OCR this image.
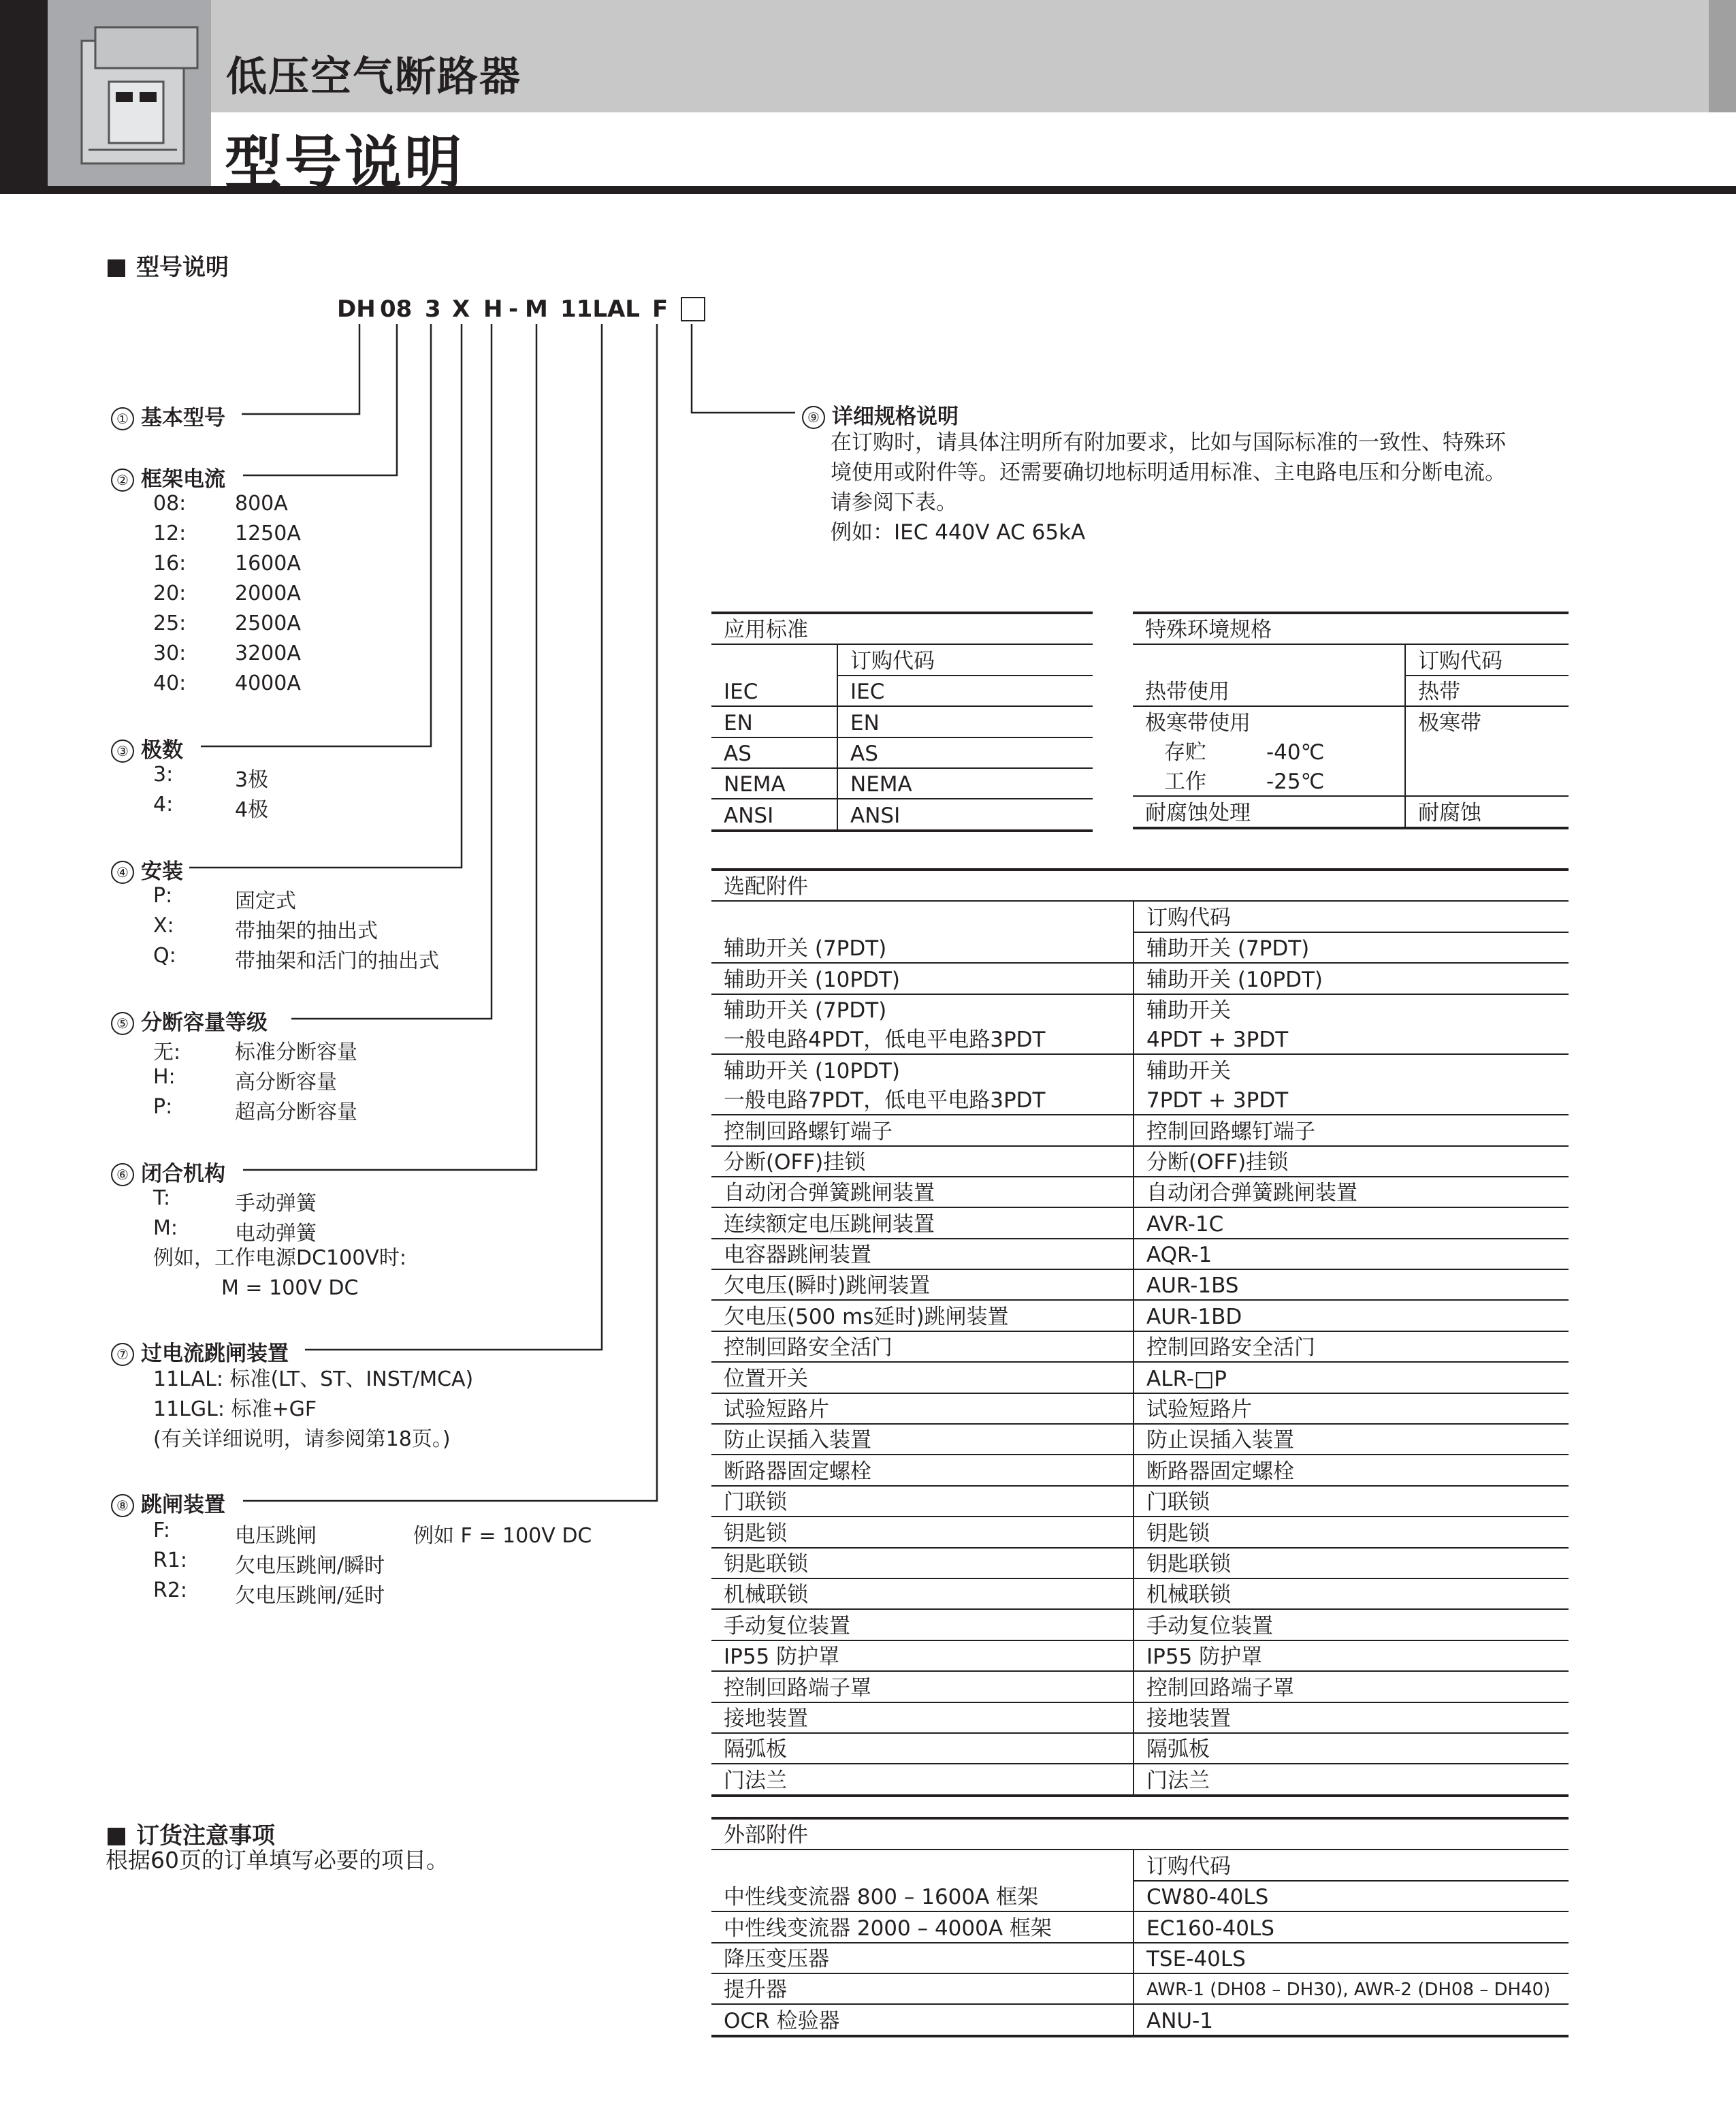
低压空气断路器
型号说明
型号说明
DH 08 3 X H - M 11LAL F
① 基本型号
② 框架电流
08: 800A
12: 1250A
16: 1600A
20: 2000A
25: 2500A
30: 3200A
40: 4000A
③ 极数
3:	3极
4:	4极
④ 安装
P:	固定式
X:	带抽架的抽出式
Q:	带抽架和活门的抽出式
⑤ 分断容量等级
无:	标准分断容量
H:	高分断容量
P:	超高分断容量
⑥ 闭合机构
T:	手动弹簧
M:	电动弹簧
例如，工作电源DC100V时:
M = 100V DC
⑦ 过电流跳闸装置
11LAL: 标准(LT、ST、INST/MCA)
11LGL: 标准+GF
(有关详细说明，请参阅第18页。)
⑧ 跳闸装置
F:	电压跳闸	例如 F = 100V DC
R1: 欠电压跳闸/瞬时
R2: 欠电压跳闸/延时
订货注意事项
根据60页的订单填写必要的项目。
⑨ 详细规格说明
在订购时，请具体注明所有附加要求，比如与国际标准的一致性、特殊环
境使用或附件等。还需要确切地标明适用标准、主电路电压和分断电流。
请参阅下表。
例如：IEC 440V AC 65kA
应用标准	
	订购代码
IEC	IEC
EN	EN
AS	AS
NEMA	NEMA
ANSI	ANSI
特殊环境规格	
	订购代码
热带使用	热带
极寒带使用	极寒带
存贮 -40℃	
工作 -25℃	
耐腐蚀处理	耐腐蚀
选配附件	
	订购代码
辅助开关 (7PDT)	辅助开关 (7PDT)
辅助开关 (10PDT)	辅助开关 (10PDT)
辅助开关 (7PDT)	辅助开关
一般电路4PDT，低电平电路3PDT	4PDT + 3PDT
辅助开关 (10PDT)	辅助开关
一般电路7PDT，低电平电路3PDT	7PDT + 3PDT
控制回路螺钉端子	控制回路螺钉端子
分断(OFF)挂锁	分断(OFF)挂锁
自动闭合弹簧跳闸装置	自动闭合弹簧跳闸装置
连续额定电压跳闸装置	AVR-1C
电容器跳闸装置	AQR-1
欠电压(瞬时)跳闸装置	AUR-1BS
欠电压(500 ms延时)跳闸装置	AUR-1BD
控制回路安全活门	控制回路安全活门
位置开关	ALR-□P
试验短路片	试验短路片
防止误插入装置	防止误插入装置
断路器固定螺栓	断路器固定螺栓
门联锁	门联锁
钥匙锁	钥匙锁
钥匙联锁	钥匙联锁
机械联锁	机械联锁
手动复位装置	手动复位装置
IP55 防护罩	IP55 防护罩
控制回路端子罩	控制回路端子罩
接地装置	接地装置
隔弧板	隔弧板
门法兰	门法兰
外部附件	
	订购代码
中性线变流器 800 – 1600A 框架	CW80-40LS
中性线变流器 2000 – 4000A 框架	EC160-40LS
降压变压器	TSE-40LS
提升器	AWR-1 (DH08 – DH30), AWR-2 (DH08 – DH40)
OCR 检验器	ANU-1
